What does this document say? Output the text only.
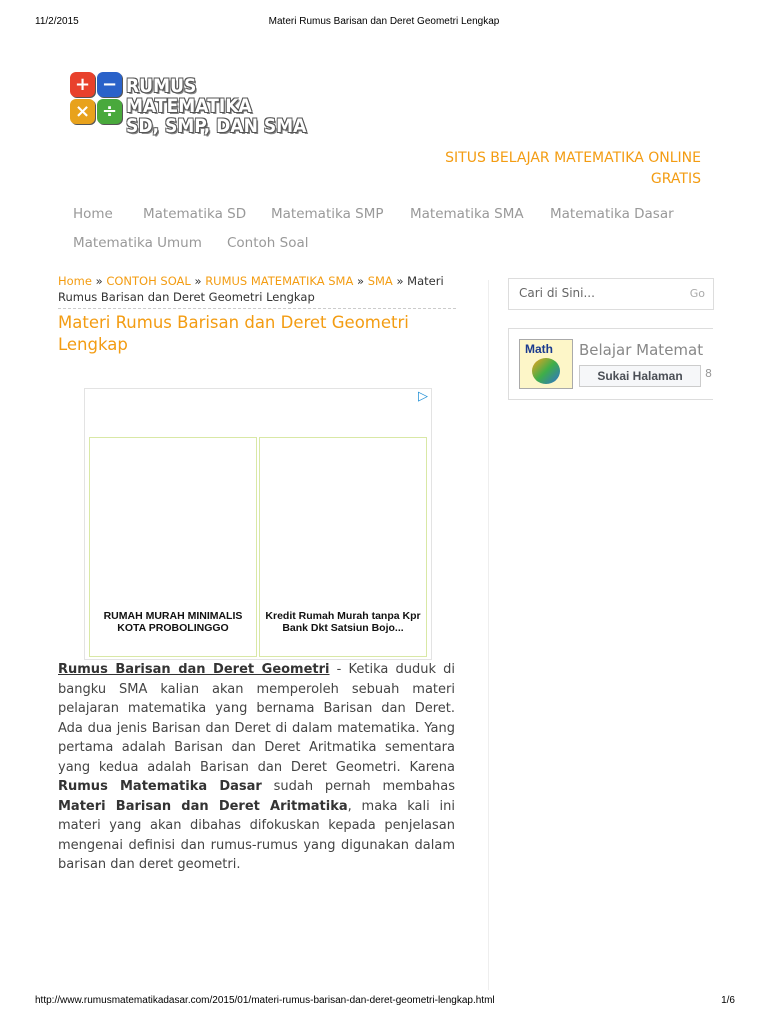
11/2/2015	Materi Rumus Barisan dan Deret Geometri Lengkap
+ −
× ÷
RUMUS MATEMATIKA
SD, SMP, DAN SMA
SITUS BELAJAR MATEMATIKA ONLINE GRATIS
Home Matematika SD Matematika SMP Matematika SMA Matematika Dasar
Matematika Umum Contoh Soal
Home » CONTOH SOAL » RUMUS MATEMATIKA SMA » SMA » Materi Rumus Barisan dan Deret Geometri Lengkap
Materi Rumus Barisan dan Deret Geometri Lengkap
▷
RUMAH MURAH MINIMALIS KOTA PROBOLINGGO
Kredit Rumah Murah tanpa Kpr Bank Dkt Satsiun Bojo...
Rumus Barisan dan Deret Geometri - Ketika duduk di bangku SMA kalian akan memperoleh sebuah materi pelajaran matematika yang bernama Barisan dan Deret. Ada dua jenis Barisan dan Deret di dalam matematika. Yang pertama adalah Barisan dan Deret Aritmatika sementara yang kedua adalah Barisan dan Deret Geometri. Karena Rumus Matematika Dasar sudah pernah membahas Materi Barisan dan Deret Aritmatika, maka kali ini materi yang akan dibahas difokuskan kepada penjelasan mengenai definisi dan rumus-rumus yang digunakan dalam barisan dan deret geometri.
Cari di Sini...	Go
Math Belajar Matemat
Sukai Halaman	8
http://www.rumusmatematikadasar.com/2015/01/materi-rumus-barisan-dan-deret-geometri-lengkap.html	1/6
